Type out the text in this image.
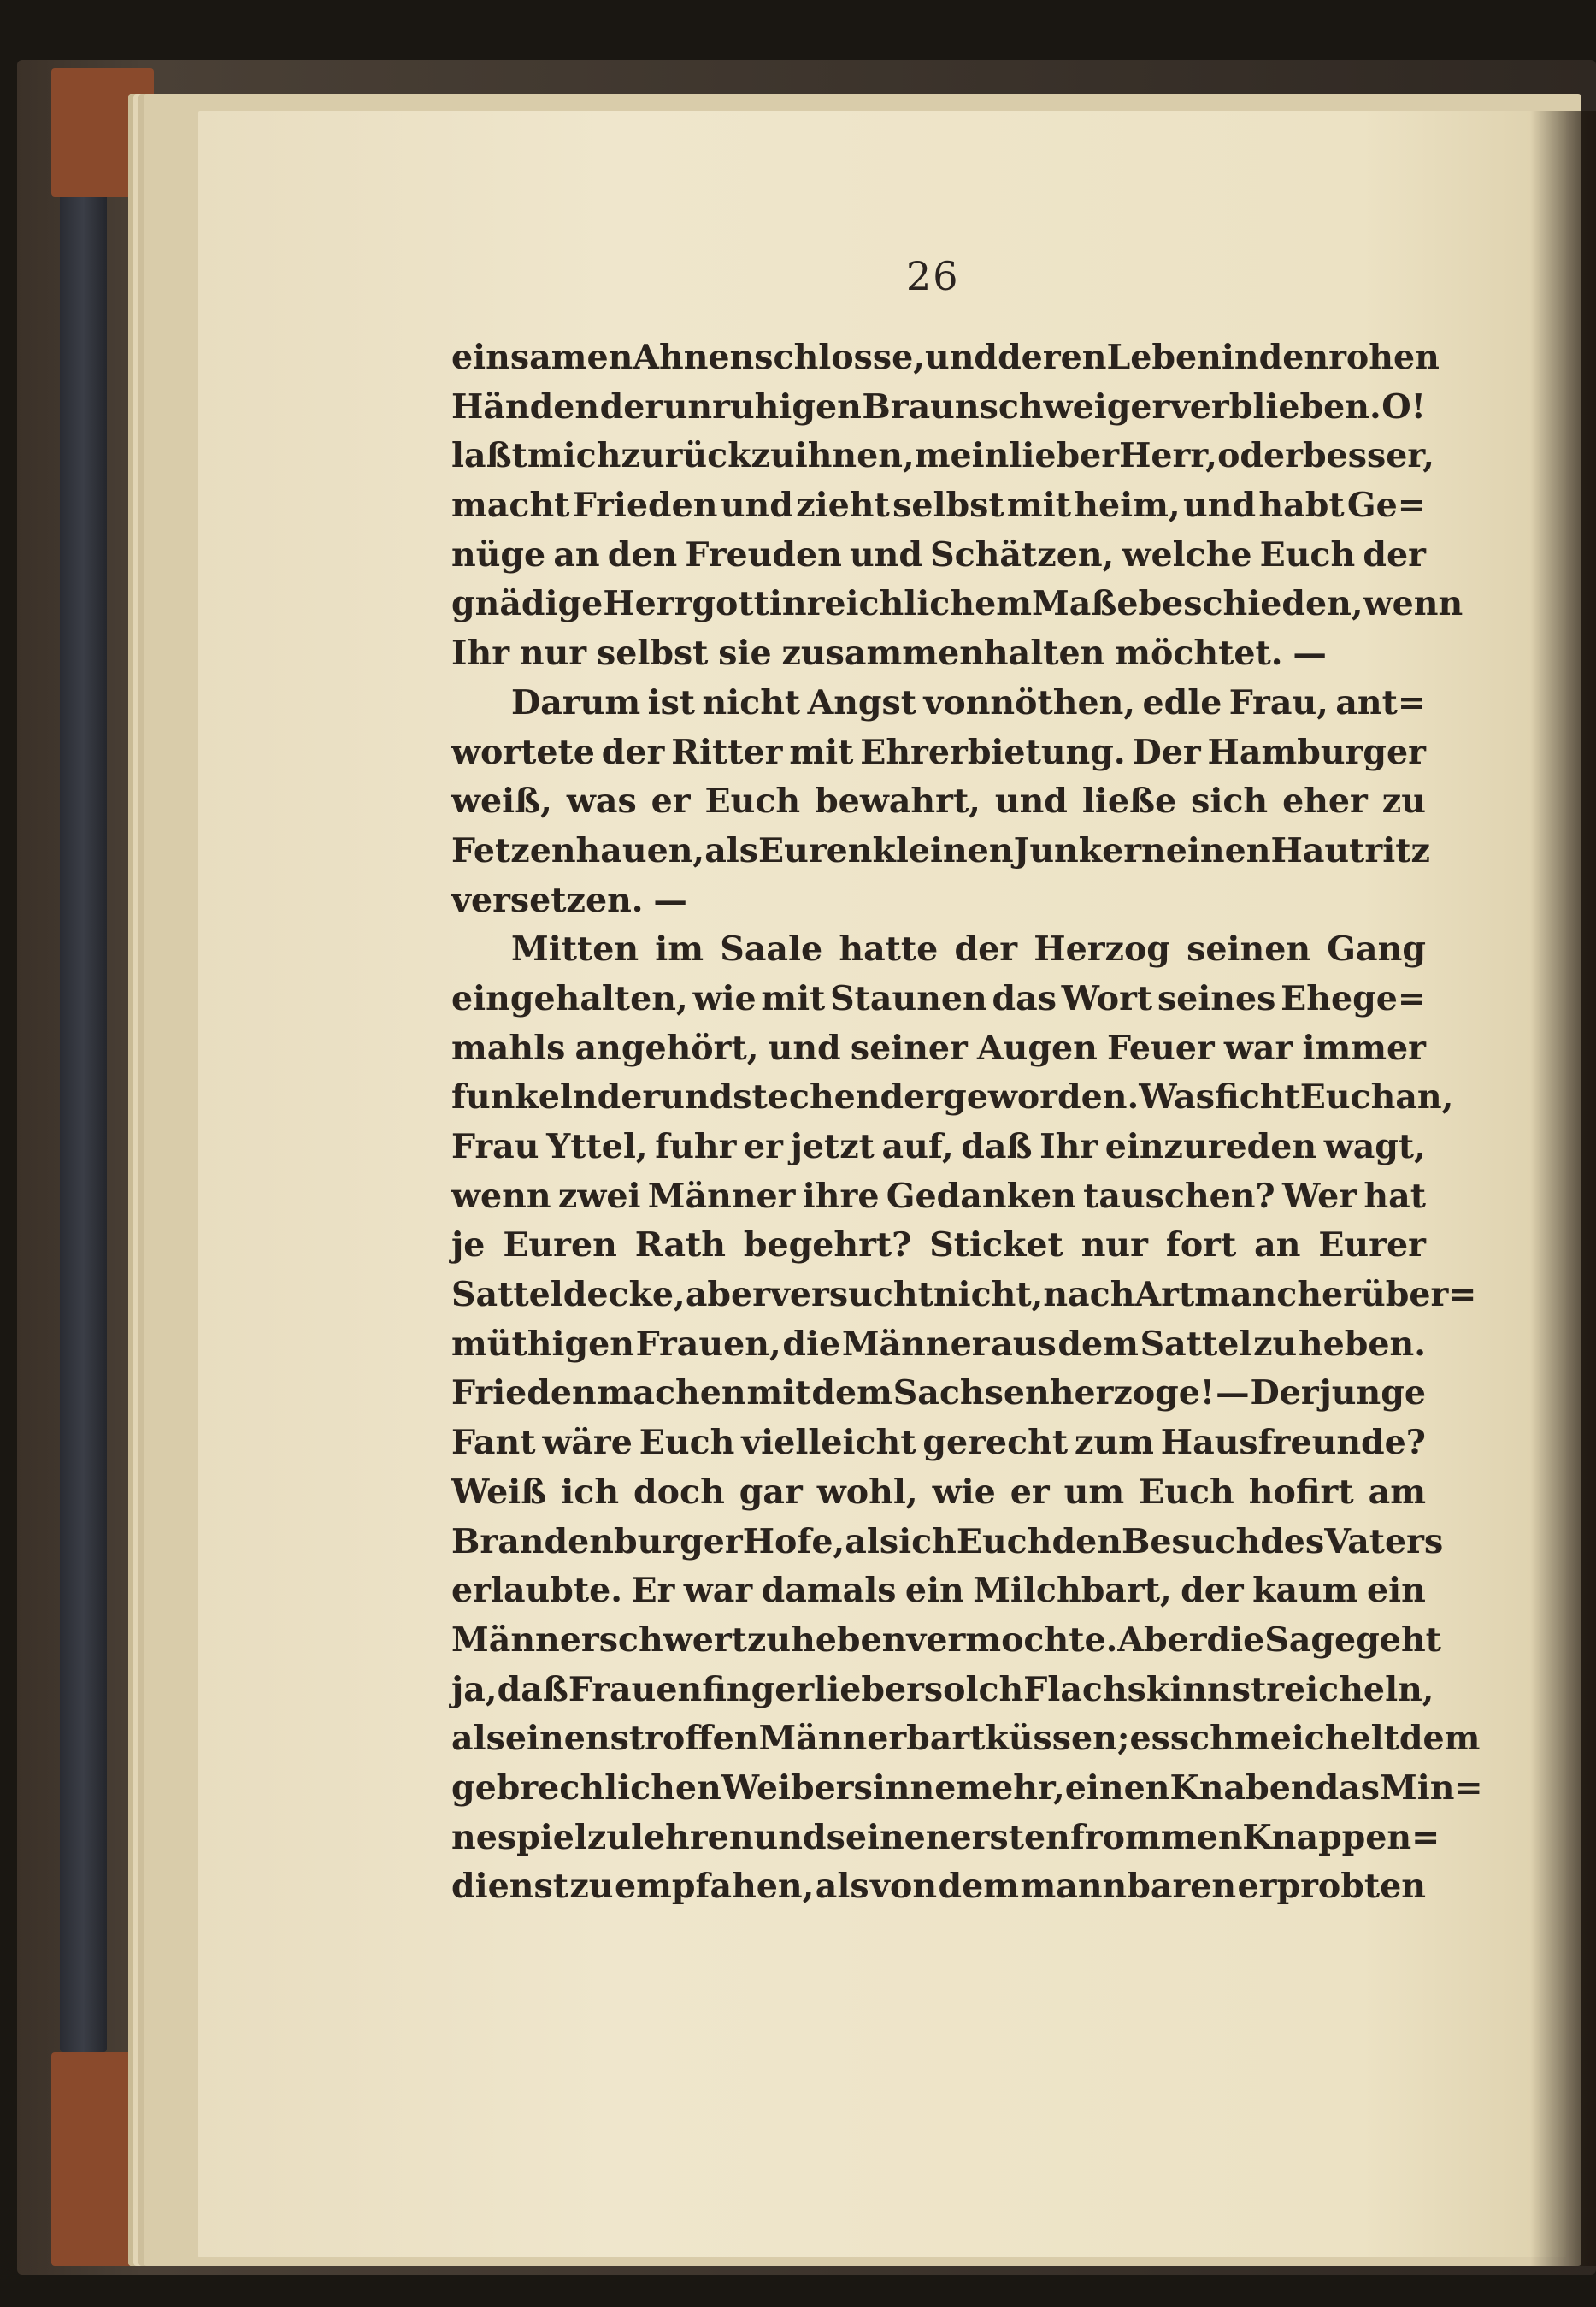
26
einsamen Ahnenschlosse, und deren Leben in den rohen
Händen der unruhigen Braunschweiger verblieben. O!
laßt mich zurück zu ihnen, mein lieber Herr, oder besser,
macht Frieden und zieht selbst mit heim, und habt Ge=
nüge an den Freuden und Schätzen, welche Euch der
gnädige Herrgott in reichlichem Maße beschieden, wenn
Ihr nur selbst sie zusammenhalten möchtet. —
Darum ist nicht Angst vonnöthen, edle Frau, ant=
wortete der Ritter mit Ehrerbietung. Der Hamburger
weiß, was er Euch bewahrt, und ließe sich eher zu
Fetzen hauen, als Euren kleinen Junkern einen Hautritz
versetzen. —
Mitten im Saale hatte der Herzog seinen Gang
eingehalten, wie mit Staunen das Wort seines Ehege=
mahls angehört, und seiner Augen Feuer war immer
funkelnder und stechender geworden. Was ficht Euch an,
Frau Yttel, fuhr er jetzt auf, daß Ihr einzureden wagt,
wenn zwei Männer ihre Gedanken tauschen? Wer hat
je Euren Rath begehrt? Sticket nur fort an Eurer
Satteldecke, aber versucht nicht, nach Art mancher über=
müthigen Frauen, die Männer aus dem Sattel zu heben.
Frieden machen mit dem Sachsenherzoge! — Der junge
Fant wäre Euch vielleicht gerecht zum Hausfreunde?
Weiß ich doch gar wohl, wie er um Euch hofirt am
Brandenburger Hofe, als ich Euch den Besuch des Vaters
erlaubte. Er war damals ein Milchbart, der kaum ein
Männerschwert zu heben vermochte. Aber die Sage geht
ja, daß Frauenfinger lieber solch Flachskinn streicheln,
als einen stroffen Männerbart küssen; es schmeichelt dem
gebrechlichen Weibersinne mehr, einen Knaben das Min=
nespiel zu lehren und seinen ersten frommen Knappen=
dienst zu empfahen, als von dem mannbaren erprobten
